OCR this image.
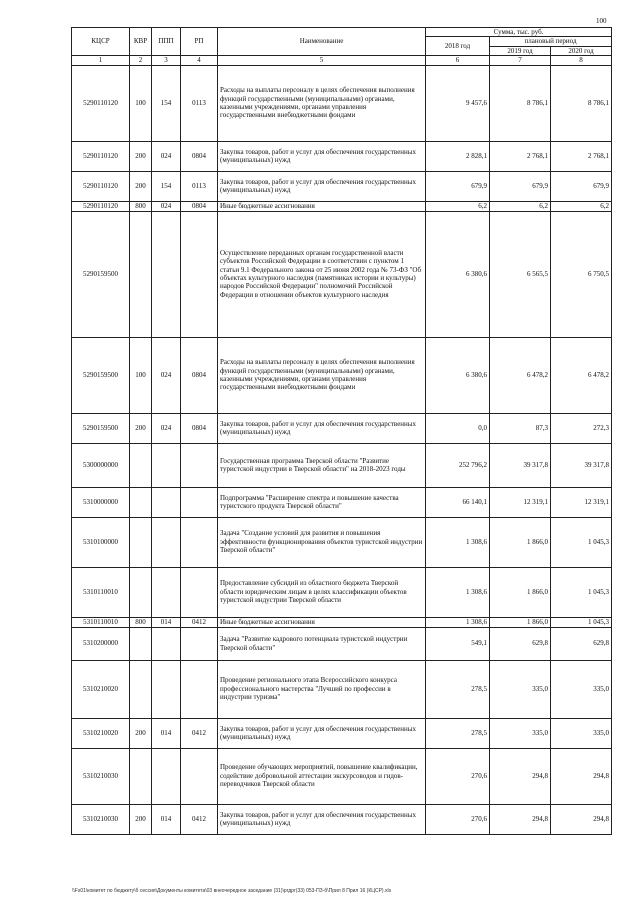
100
КЦСР	КВР	ППП	РП	Наименование	Сумма, тыс. руб.		
					2018 год	плановый период	
						2019 год	2020 год
1	2	3	4	5	6	7	8
5290110120	100	154	0113	Расходы на выплаты персоналу в целях обеспечения выполнения функций государственными (муниципальными) органами, казенными учреждениями, органами управления государственными внебюджетными фондами	9 457,6	8 786,1	8 786,1
5290110120	200	024	0804	Закупка товаров, работ и услуг для обеспечения государственных (муниципальных) нужд	2 828,1	2 768,1	2 768,1
5290110120	200	154	0113	Закупка товаров, работ и услуг для обеспечения государственных (муниципальных) нужд	679,9	679,9	679,9
5290110120	800	024	0804	Иные бюджетные ассигнования	6,2	6,2	6,2
5290159500				Осуществление переданных органам государственной власти субъектов Российской Федерации в соответствии с пунктом 1 статьи 9.1 Федерального закона от 25 июня 2002 года № 73-ФЗ "Об объектах культурного наследия (памятниках истории и культуры) народов Российской Федерации" полномочий Российской Федерации в отношении объектов культурного наследия	6 380,6	6 565,5	6 750,5
5290159500	100	024	0804	Расходы на выплаты персоналу в целях обеспечения выполнения функций государственными (муниципальными) органами, казенными учреждениями, органами управления государственными внебюджетными фондами	6 380,6	6 478,2	6 478,2
5290159500	200	024	0804	Закупка товаров, работ и услуг для обеспечения государственных (муниципальных) нужд	0,0	87,3	272,3
5300000000				Государственная программа Тверской области "Развитие туристской индустрии в Тверской области" на 2018-2023 годы	252 796,2	39 317,8	39 317,8
5310000000				Подпрограмма "Расширение спектра и повышение качества туристского продукта Тверской области"	66 140,1	12 319,1	12 319,1
5310100000				Задача "Создание условий для развития и повышения эффективности функционирования объектов туристской индустрии Тверской области"	1 308,6	1 866,0	1 045,3
5310110010				Предоставление субсидий из областного бюджета Тверской области юридическим лицам в целях классификации объектов туристской индустрии Тверской области	1 308,6	1 866,0	1 045,3
5310110010	800	014	0412	Иные бюджетные ассигнования	1 308,6	1 866,0	1 045,3
5310200000				Задача "Развитие кадрового потенциала туристской индустрии Тверской области"	549,1	629,8	629,8
5310210020				Проведение регионального этапа Всероссийского конкурса профессионального мастерства "Лучший по профессии в индустрии туризма"	278,5	335,0	335,0
5310210020	200	014	0412	Закупка товаров, работ и услуг для обеспечения государственных (муниципальных) нужд	278,5	335,0	335,0
5310210030				Проведение обучающих мероприятий, повышение квалификации, содействие добровольной аттестации экскурсоводов и гидов-переводчиков Тверской области	270,6	294,8	294,8
5310210030	200	014	0412	Закупка товаров, работ и услуг для обеспечения государственных (муниципальных) нужд	270,6	294,8	294,8
\\Fs01\комитет по бюджету\б сессия\Документы комитета\03 внеочередное заседание (31)\ргдрг(33) 053-ПЗ-б\Прил 8 Прил 16 (КЦСР).xls
